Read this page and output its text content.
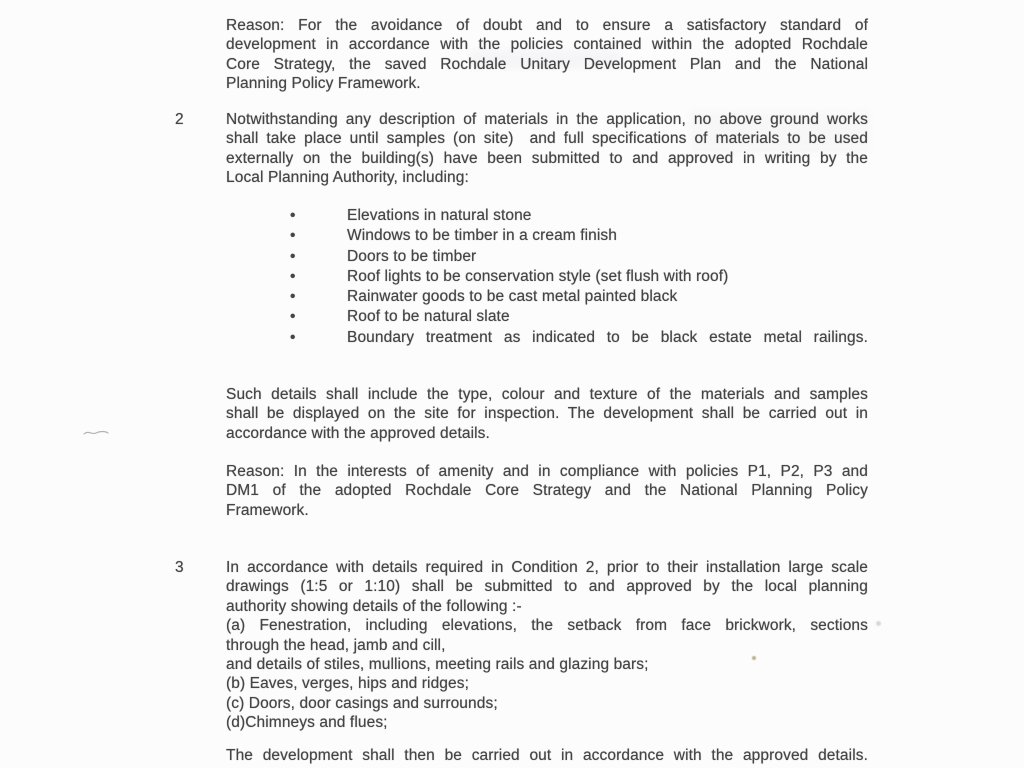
Reason: For the avoidance of doubt and to ensure a satisfactory standard of
development in accordance with the policies contained within the adopted Rochdale
Core Strategy, the saved Rochdale Unitary Development Plan and the National
Planning Policy Framework.
2	Notwithstanding any description of materials in the application, no above ground works
shall take place until samples (on site)  and full specifications of materials to be used
externally on the building(s) have been submitted to and approved in writing by the
Local Planning Authority, including:
•	Elevations in natural stone
•	Windows to be timber in a cream finish
•	Doors to be timber
•	Roof lights to be conservation style (set flush with roof)
•	Rainwater goods to be cast metal painted black
•	Roof to be natural slate
•	Boundary treatment as indicated to be black estate metal railings.
Such details shall include the type, colour and texture of the materials and samples
shall be displayed on the site for inspection. The development shall be carried out in
accordance with the approved details.
Reason: In the interests of amenity and in compliance with policies P1, P2, P3 and
DM1 of the adopted Rochdale Core Strategy and the National Planning Policy
Framework.
3	In accordance with details required in Condition 2, prior to their installation large scale
drawings (1:5 or 1:10) shall be submitted to and approved by the local planning
authority showing details of the following :-
(a) Fenestration, including elevations, the setback from face brickwork, sections
through the head, jamb and cill,
and details of stiles, mullions, meeting rails and glazing bars;
(b) Eaves, verges, hips and ridges;
(c) Doors, door casings and surrounds;
(d)Chimneys and flues;
The development shall then be carried out in accordance with the approved details.
